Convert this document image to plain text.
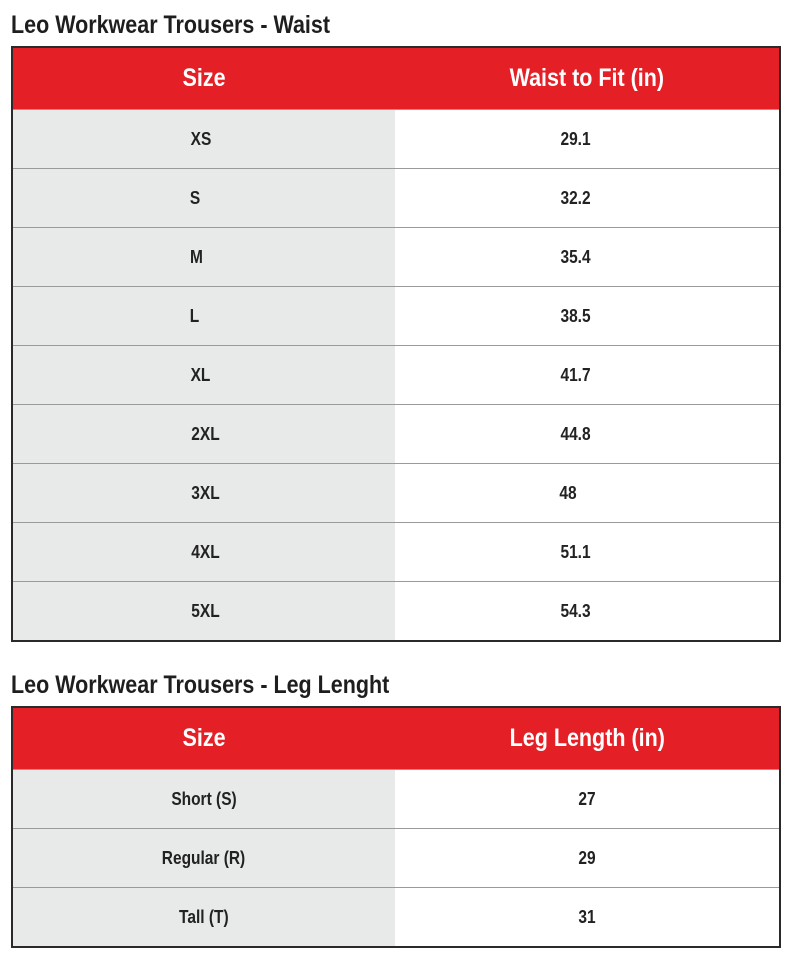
Leo Workwear Trousers - Waist
Size	Waist to Fit (in)
XS	29.1
S	32.2
M	35.4
L	38.5
XL	41.7
2XL	44.8
3XL	48
4XL	51.1
5XL	54.3
Leo Workwear Trousers - Leg Lenght
Size	Leg Length (in)
Short (S)	27
Regular (R)	29
Tall (T)	31
